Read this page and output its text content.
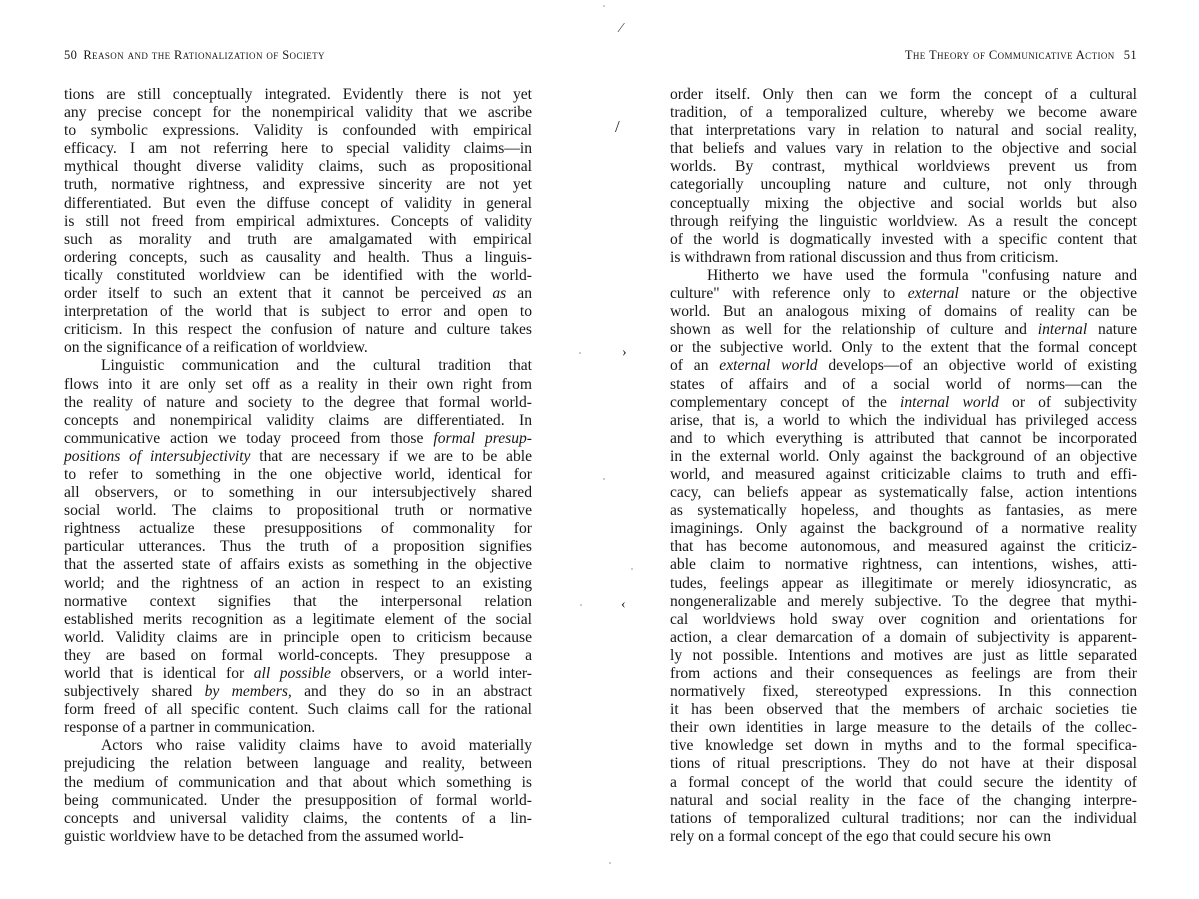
50 Reason and the Rationalization of Society	The Theory of Communicative Action 51
tions are still conceptually integrated. Evidently there is not yet
any precise concept for the nonempirical validity that we ascribe
to symbolic expressions. Validity is confounded with empirical
efficacy. I am not referring here to special validity claims—in
mythical thought diverse validity claims, such as propositional
truth, normative rightness, and expressive sincerity are not yet
differentiated. But even the diffuse concept of validity in general
is still not freed from empirical admixtures. Concepts of validity
such as morality and truth are amalgamated with empirical
ordering concepts, such as causality and health. Thus a linguis-
tically constituted worldview can be identified with the world-
order itself to such an extent that it cannot be perceived as an
interpretation of the world that is subject to error and open to
criticism. In this respect the confusion of nature and culture takes
on the significance of a reification of worldview.
Linguistic communication and the cultural tradition that
flows into it are only set off as a reality in their own right from
the reality of nature and society to the degree that formal world-
concepts and nonempirical validity claims are differentiated. In
communicative action we today proceed from those formal presup-
positions of intersubjectivity that are necessary if we are to be able
to refer to something in the one objective world, identical for
all observers, or to something in our intersubjectively shared
social world. The claims to propositional truth or normative
rightness actualize these presuppositions of commonality for
particular utterances. Thus the truth of a proposition signifies
that the asserted state of affairs exists as something in the objective
world; and the rightness of an action in respect to an existing
normative context signifies that the interpersonal relation
established merits recognition as a legitimate element of the social
world. Validity claims are in principle open to criticism because
they are based on formal world-concepts. They presuppose a
world that is identical for all possible observers, or a world inter-
subjectively shared by members, and they do so in an abstract
form freed of all specific content. Such claims call for the rational
response of a partner in communication.
Actors who raise validity claims have to avoid materially
prejudicing the relation between language and reality, between
the medium of communication and that about which something is
being communicated. Under the presupposition of formal world-
concepts and universal validity claims, the contents of a lin-
guistic worldview have to be detached from the assumed world-
order itself. Only then can we form the concept of a cultural
tradition, of a temporalized culture, whereby we become aware
that interpretations vary in relation to natural and social reality,
that beliefs and values vary in relation to the objective and social
worlds. By contrast, mythical worldviews prevent us from
categorially uncoupling nature and culture, not only through
conceptually mixing the objective and social worlds but also
through reifying the linguistic worldview. As a result the concept
of the world is dogmatically invested with a specific content that
is withdrawn from rational discussion and thus from criticism.
Hitherto we have used the formula "confusing nature and
culture" with reference only to external nature or the objective
world. But an analogous mixing of domains of reality can be
shown as well for the relationship of culture and internal nature
or the subjective world. Only to the extent that the formal concept
of an external world develops—of an objective world of existing
states of affairs and of a social world of norms—can the
complementary concept of the internal world or of subjectivity
arise, that is, a world to which the individual has privileged access
and to which everything is attributed that cannot be incorporated
in the external world. Only against the background of an objective
world, and measured against criticizable claims to truth and effi-
cacy, can beliefs appear as systematically false, action intentions
as systematically hopeless, and thoughts as fantasies, as mere
imaginings. Only against the background of a normative reality
that has become autonomous, and measured against the criticiz-
able claim to normative rightness, can intentions, wishes, atti-
tudes, feelings appear as illegitimate or merely idiosyncratic, as
nongeneralizable and merely subjective. To the degree that mythi-
cal worldviews hold sway over cognition and orientations for
action, a clear demarcation of a domain of subjectivity is apparent-
ly not possible. Intentions and motives are just as little separated
from actions and their consequences as feelings are from their
normatively fixed, stereotyped expressions. In this connection
it has been observed that the members of archaic societies tie
their own identities in large measure to the details of the collec-
tive knowledge set down in myths and to the formal specifica-
tions of ritual prescriptions. They do not have at their disposal
a formal concept of the world that could secure the identity of
natural and social reality in the face of the changing interpre-
tations of temporalized cultural traditions; nor can the individual
rely on a formal concept of the ego that could secure his own
⁄
/
›
‹
